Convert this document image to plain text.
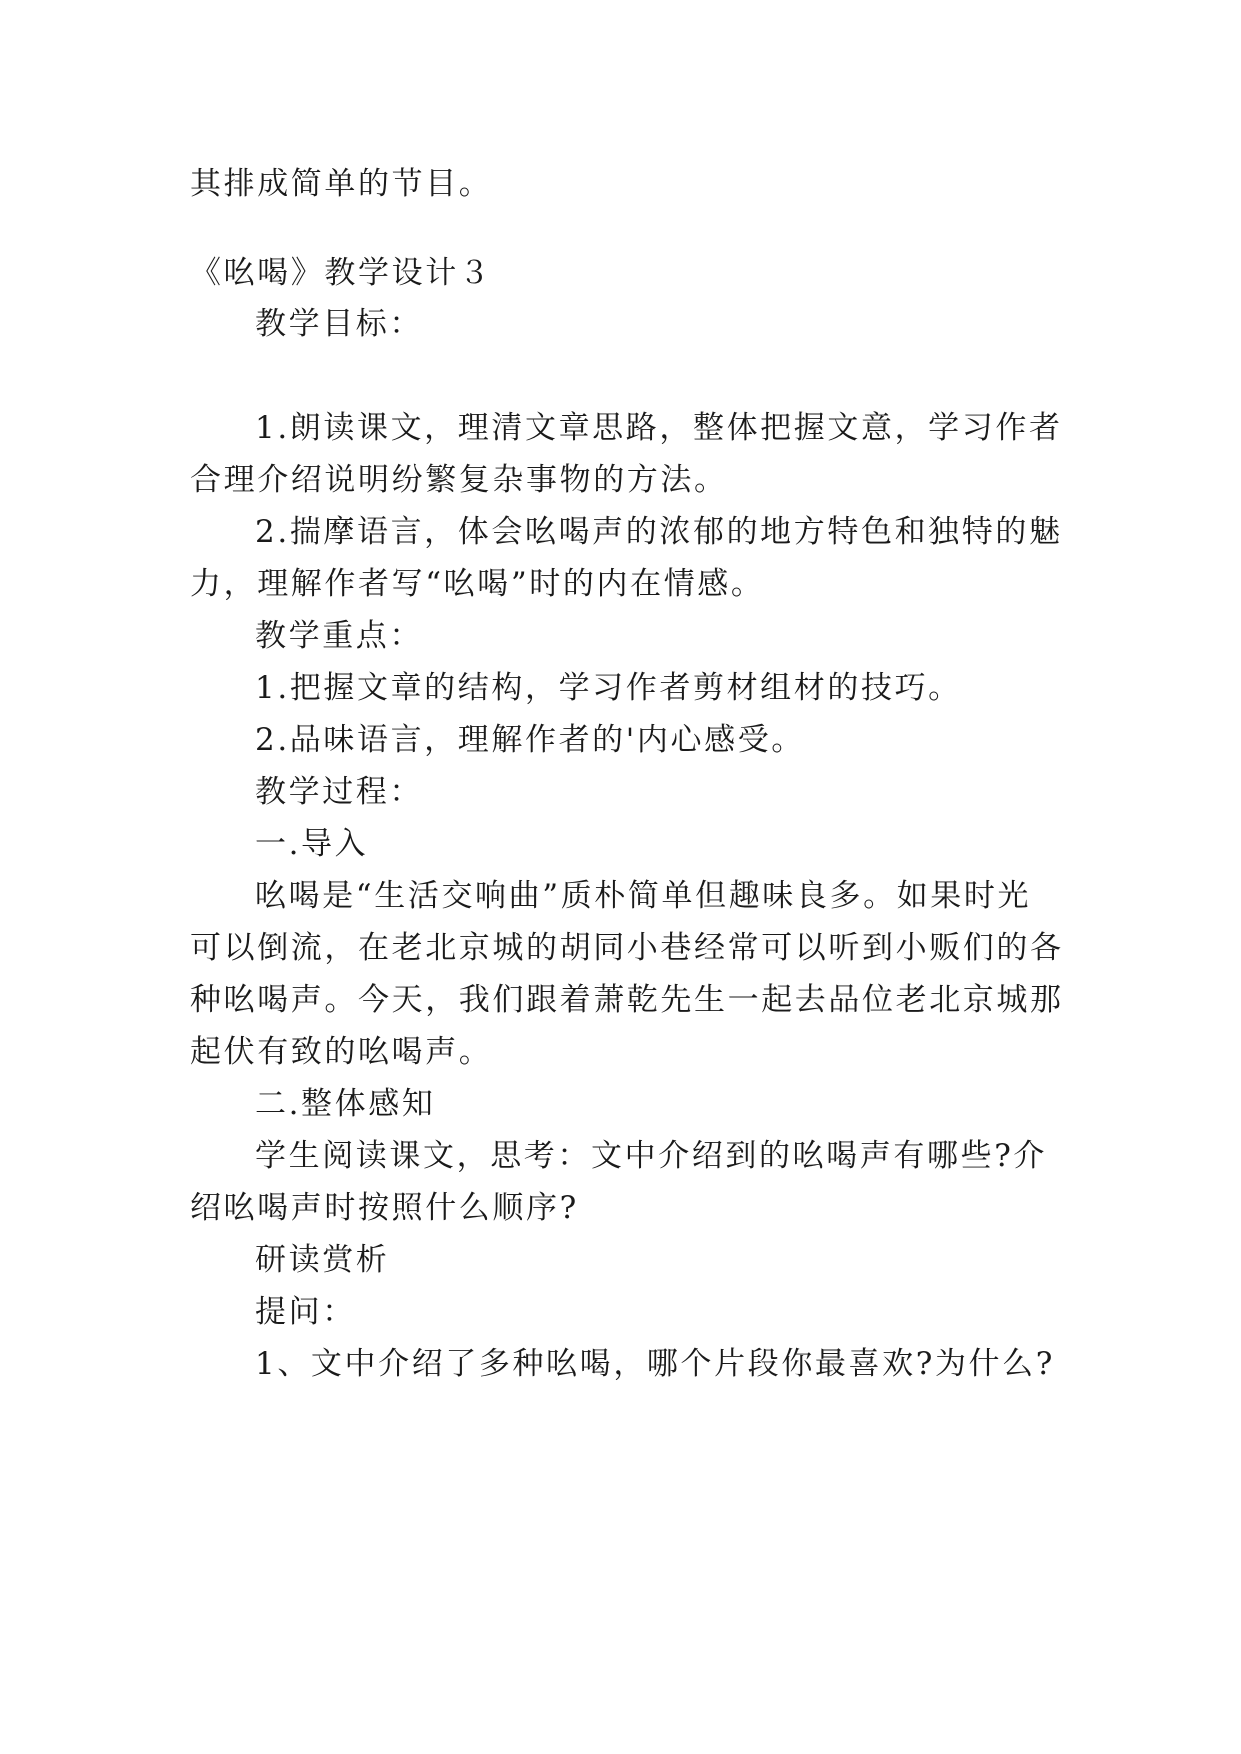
其排成简单的节目。
《吆喝》教学设计３
教学目标：
1.朗读课文，理清文章思路，整体把握文意，学习作者
合理介绍说明纷繁复杂事物的方法。
2.揣摩语言，体会吆喝声的浓郁的地方特色和独特的魅
力，理解作者写“吆喝”时的内在情感。
教学重点：
1.把握文章的结构，学习作者剪材组材的技巧。
2.品味语言，理解作者的'内心感受。
教学过程：
一.导入
吆喝是“生活交响曲”质朴简单但趣味良多。如果时光
可以倒流，在老北京城的胡同小巷经常可以听到小贩们的各
种吆喝声。今天，我们跟着萧乾先生一起去品位老北京城那
起伏有致的吆喝声。
二.整体感知
学生阅读课文，思考：文中介绍到的吆喝声有哪些?介
绍吆喝声时按照什么顺序?
研读赏析
提问：
1、文中介绍了多种吆喝，哪个片段你最喜欢?为什么?
